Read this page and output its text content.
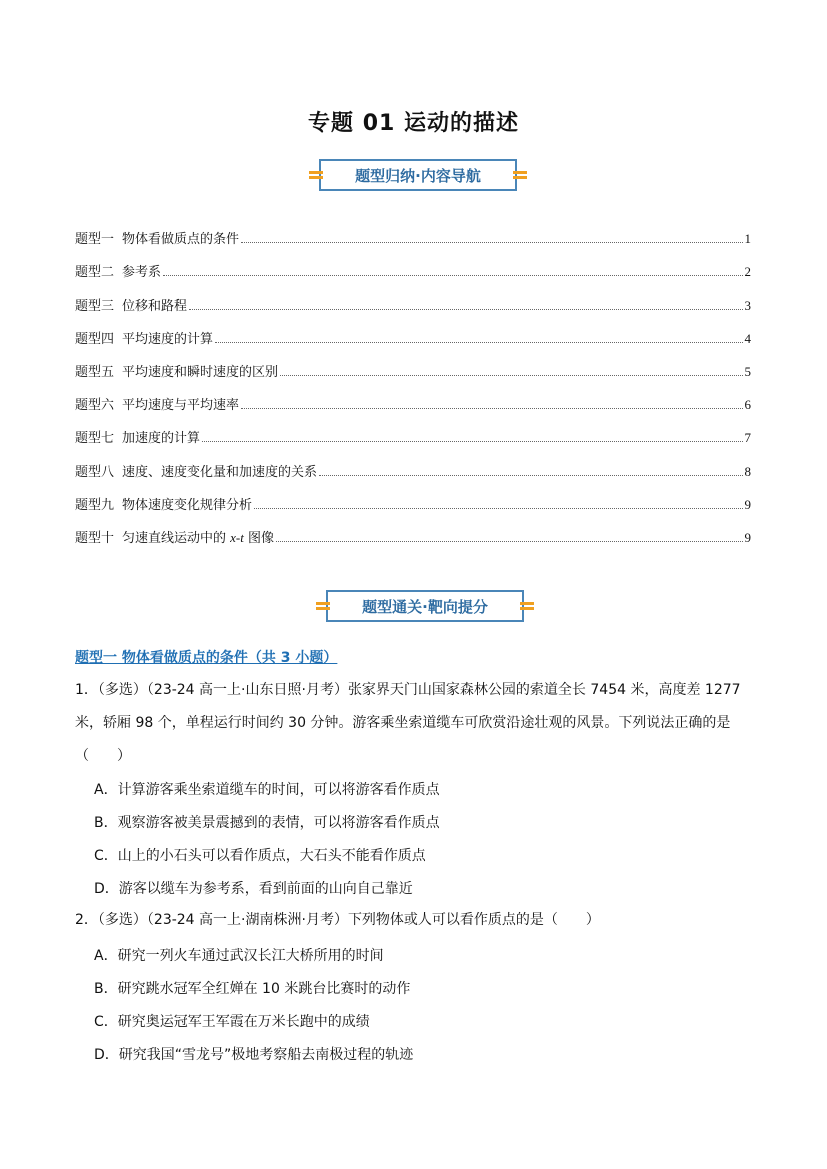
专题 01 运动的描述
题型归纳·内容导航
题型一 物体看做质点的条件	1
题型二 参考系	2
题型三 位移和路程	3
题型四 平均速度的计算	4
题型五 平均速度和瞬时速度的区别	5
题型六 平均速度与平均速率	6
题型七 加速度的计算	7
题型八 速度、速度变化量和加速度的关系	8
题型九 物体速度变化规律分析	9
题型十 匀速直线运动中的 x-t 图像	9
题型通关·靶向提分
题型一 物体看做质点的条件（共 3 小题）
1．（多选）（23-24 高一上·山东日照·月考）张家界天门山国家森林公园的索道全长 7454 米，高度差 1277
米，轿厢 98 个，单程运行时间约 30 分钟。游客乘坐索道缆车可欣赏沿途壮观的风景。下列说法正确的是
（　　）
A．计算游客乘坐索道缆车的时间，可以将游客看作质点
B．观察游客被美景震撼到的表情，可以将游客看作质点
C．山上的小石头可以看作质点，大石头不能看作质点
D．游客以缆车为参考系，看到前面的山向自己靠近
2．（多选）（23-24 高一上·湖南株洲·月考）下列物体或人可以看作质点的是（　　）
A．研究一列火车通过武汉长江大桥所用的时间
B．研究跳水冠军全红婵在 10 米跳台比赛时的动作
C．研究奥运冠军王军霞在万米长跑中的成绩
D．研究我国“雪龙号”极地考察船去南极过程的轨迹
